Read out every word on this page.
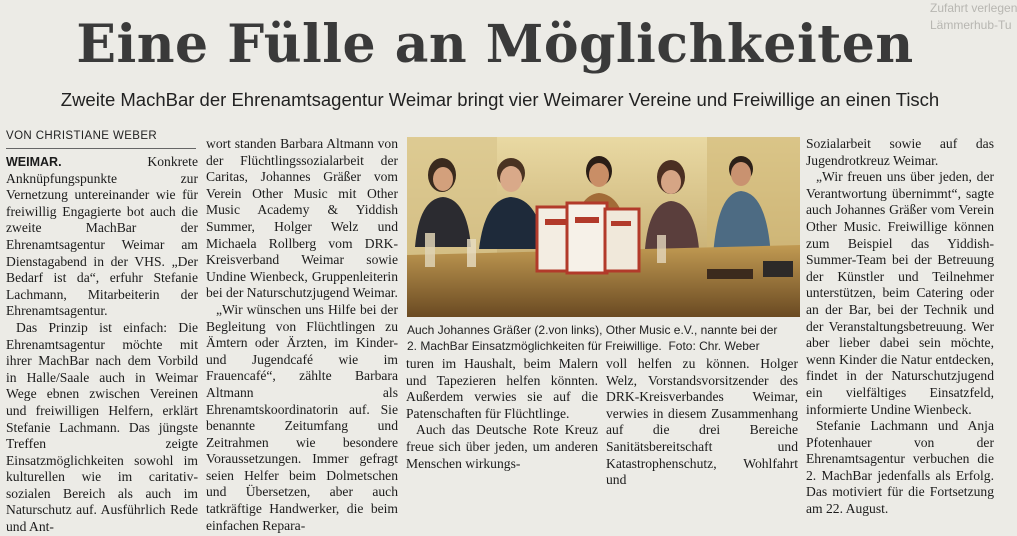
Zufahrt verlegen
Lämmerhub-Tu
Eine Fülle an Möglichkeiten
Zweite MachBar der Ehrenamtsagentur Weimar bringt vier Weimarer Vereine und Freiwillige an einen Tisch
VON CHRISTIANE WEBER

WEIMAR.	Konkrete Anknüpfungspunkte zur Vernetzung untereinander wie für freiwillig Engagierte bot auch die zweite MachBar der Ehrenamtsagentur Weimar am Dienstagabend in der VHS. „Der Bedarf ist da“, erfuhr Stefanie Lachmann, Mitarbeiterin der Ehrenamtsagentur.

Das Prinzip ist einfach: Die Ehrenamtsagentur möchte mit ihrer MachBar nach dem Vorbild in Halle/Saale auch in Weimar Wege ebnen zwischen Vereinen und freiwilligen Helfern, erklärt Stefanie Lachmann. Das jüngste Treffen zeigte Einsatzmöglichkeiten sowohl im kulturellen wie im caritativ-sozialen Bereich als auch im Naturschutz auf. Ausführlich Rede und Ant-

wort standen Barbara Altmann von der Flüchtlingssozialarbeit der Caritas, Johannes Gräßer vom Verein Other Music mit Other Music Academy & Yiddish Summer, Holger Welz und Michaela Rollberg vom DRK-Kreisverband Weimar sowie Undine Wienbeck, Gruppenleiterin bei der Naturschutzjugend Weimar.

„Wir wünschen uns Hilfe bei der Begleitung von Flüchtlingen zu Ämtern oder Ärzten, im Kinder- und Jugendcafé wie im Frauencafé“, zählte Barbara Altmann als Ehrenamtskoordinatorin auf. Sie benannte Zeitumfang und Zeitrahmen wie besondere Voraussetzungen. Immer gefragt seien Helfer beim Dolmetschen und Übersetzen, aber auch tatkräftige Handwerker, die beim einfachen Repara-

Auch Johannes Gräßer (2.von links), Other Music e.V., nannte bei der
2. MachBar Einsatzmöglichkeiten für Freiwillige. Foto: Chr. Weber

turen im Haushalt, beim Malern und Tapezieren helfen könnten. Außerdem verwies sie auf die Patenschaften für Flüchtlinge.

Auch das Deutsche Rote Kreuz freue sich über jeden, um anderen Menschen wirkungs-

voll helfen zu können. Holger Welz, Vorstandsvorsitzender des DRK-Kreisverbandes Weimar, verwies in diesem Zusammenhang auf die drei Bereiche Sanitätsbereitschaft und Katastrophenschutz, Wohlfahrt und

Sozialarbeit sowie auf das Jugendrotkreuz Weimar.

„Wir freuen uns über jeden, der Verantwortung übernimmt“, sagte auch Johannes Gräßer vom Verein Other Music. Freiwillige können zum Beispiel das Yiddish-Summer-Team bei der Betreuung der Künstler und Teilnehmer unterstützen, beim Catering oder an der Bar, bei der Technik und der Veranstaltungsbetreuung. Wer aber lieber dabei sein möchte, wenn Kinder die Natur entdecken, findet in der Naturschutzjugend ein vielfältiges Einsatzfeld, informierte Undine Wienbeck.

Stefanie Lachmann und Anja Pfotenhauer von der Ehrenamtsagentur verbuchen die 2. MachBar jedenfalls als Erfolg. Das motiviert für die Fortsetzung am 22. August.
